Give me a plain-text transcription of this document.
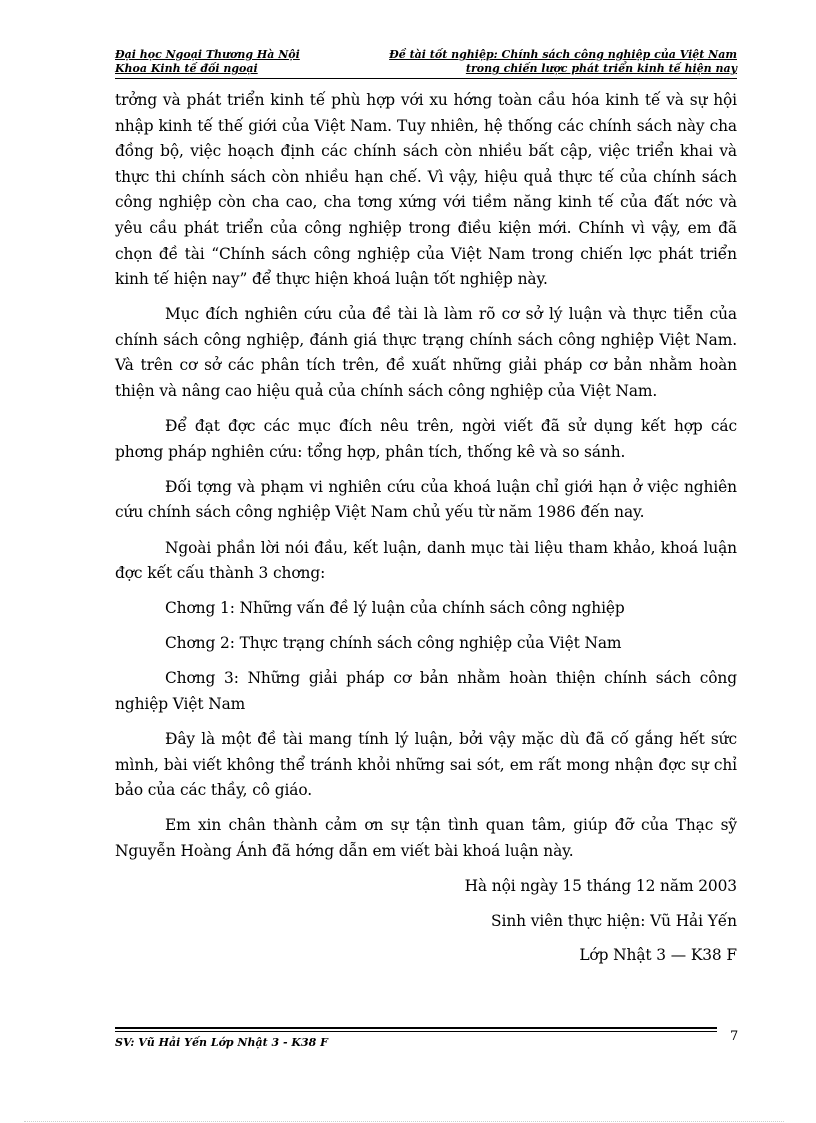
Đại học Ngoại Thương Hà Nội
Khoa Kinh tế đối ngoại
Đề tài tốt nghiệp: Chính sách công nghiệp của Việt Nam
trong chiến lược phát triển kinh tế hiện nay

trởng và phát triển kinh tế phù hợp với xu hớng toàn cầu hóa kinh tế và sự hội nhập kinh tế thế giới của Việt Nam. Tuy nhiên, hệ thống các chính sách này cha đồng bộ, việc hoạch định các chính sách còn nhiều bất cập, việc triển khai và thực thi chính sách còn nhiều hạn chế. Vì vậy, hiệu quả thực tế của chính sách công nghiệp còn cha cao, cha tơng xứng với tiềm năng kinh tế của đất nớc và yêu cầu phát triển của công nghiệp trong điều kiện mới. Chính vì vậy, em đã chọn đề tài “Chính sách công nghiệp của Việt Nam trong chiến lợc phát triển kinh tế hiện nay” để thực hiện khoá luận tốt nghiệp này.

Mục đích nghiên cứu của đề tài là làm rõ cơ sở lý luận và thực tiễn của chính sách công nghiệp, đánh giá thực trạng chính sách công nghiệp Việt Nam. Và trên cơ sở các phân tích trên, đề xuất những giải pháp cơ bản nhằm hoàn thiện và nâng cao hiệu quả của chính sách công nghiệp của Việt Nam.

Để đạt đợc các mục đích nêu trên, ngời viết đã sử dụng kết hợp các phơng pháp nghiên cứu: tổng hợp, phân tích, thống kê và so sánh.

Đối tợng và phạm vi nghiên cứu của khoá luận chỉ giới hạn ở việc nghiên cứu chính sách công nghiệp Việt Nam chủ yếu từ năm 1986 đến nay.

Ngoài phần lời nói đầu, kết luận, danh mục tài liệu tham khảo, khoá luận đợc kết cấu thành 3 chơng:

Chơng 1: Những vấn đề lý luận của chính sách công nghiệp

Chơng 2: Thực trạng chính sách công nghiệp của Việt Nam

Chơng 3: Những giải pháp cơ bản nhằm hoàn thiện chính sách công nghiệp Việt Nam

Đây là một đề tài mang tính lý luận, bởi vậy mặc dù đã cố gắng hết sức mình, bài viết không thể tránh khỏi những sai sót, em rất mong nhận đợc sự chỉ bảo của các thầy, cô giáo.

Em xin chân thành cảm ơn sự tận tình quan tâm, giúp đỡ của Thạc sỹ Nguyễn Hoàng Ánh đã hớng dẫn em viết bài khoá luận này.

Hà nội ngày 15 tháng 12 năm 2003

Sinh viên thực hiện: Vũ Hải Yến

Lớp Nhật 3 — K38 F

SV: Vũ Hải Yến Lớp Nhật 3 - K38 F	7
